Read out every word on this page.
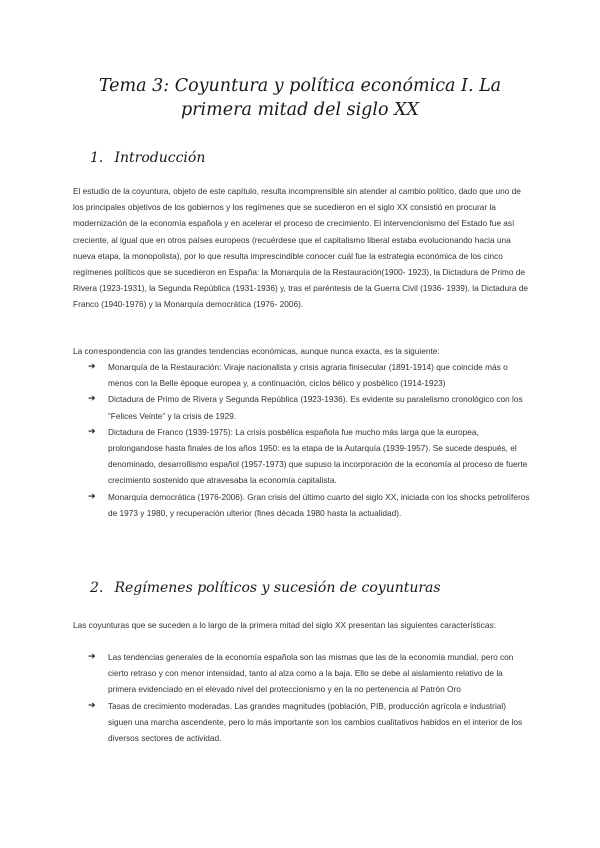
Tema 3: Coyuntura y política económica I. La primera mitad del siglo XX
1. Introducción

El estudio de la coyuntura, objeto de este capítulo, resulta incomprensible sin atender al cambio político, dado que uno de los principales objetivos de los gobiernos y los regímenes que se sucedieron en el siglo XX consistió en procurar la modernización de la economía española y en acelerar el proceso de crecimiento. El intervencionismo del Estado fue así creciente, al igual que en otros países europeos (recuérdese que el capitalismo liberal estaba evolucionando hacia una nueva etapa, la monopolista), por lo que resulta imprescindible conocer cuál fue la estrategia económica de los cinco regímenes políticos que se sucedieron en España: la Monarquía de la Restauración(1900- 1923), la Dictadura de Primo de Rivera (1923-1931), la Segunda República (1931-1936) y, tras el paréntesis de la Guerra Civil (1936- 1939), la Dictadura de Franco (1940-1976) y la Monarquía democrática (1976- 2006).

La correspondencia con las grandes tendencias económicas, aunque nunca exacta, es la siguiente:

➔ Monarquía de la Restauración: Viraje nacionalista y crisis agraria finisecular (1891-1914) que coincide más o menos con la Belle époque europea y, a continuación, ciclos bélico y posbélico (1914-1923)
➔ Dictadura de Primo de Rivera y Segunda República (1923-1936). Es evidente su paralelismo cronológico con los “Felices Veinte” y la crisis de 1929.
➔ Dictadura de Franco (1939-1975): La crisis posbélica española fue mucho más larga que la europea, prolongandose hasta finales de los años 1950: es la etapa de la Autarquía (1939-1957). Se sucede después, el denominado, desarrollismo español (1957-1973) que supuso la incorporación de la economía al proceso de fuerte crecimiento sostenido que atravesaba la economía capitalista.
➔ Monarquía democrática (1976-2006). Gran crisis del último cuarto del siglo XX, iniciada con los shocks petrolíferos de 1973 y 1980, y recuperación ulterior (fines década 1980 hasta la actualidad).
2. Regímenes políticos y sucesión de coyunturas

Las coyunturas que se suceden a lo largo de la primera mitad del siglo XX presentan las siguientes características:

➔ Las tendencias generales de la economía española son las mismas que las de la economía mundial, pero con cierto retraso y con menor intensidad, tanto al alza como a la baja. Ello se debe al aislamiento relativo de la primera evidenciado en el elevado nivel del proteccionismo y en la no pertenencia al Patrón Oro
➔ Tasas de crecimiento moderadas. Las grandes magnitudes (población, PIB, producción agrícola e industrial) siguen una marcha ascendente, pero lo más importante son los cambios cualitativos habidos en el interior de los diversos sectores de actividad.
